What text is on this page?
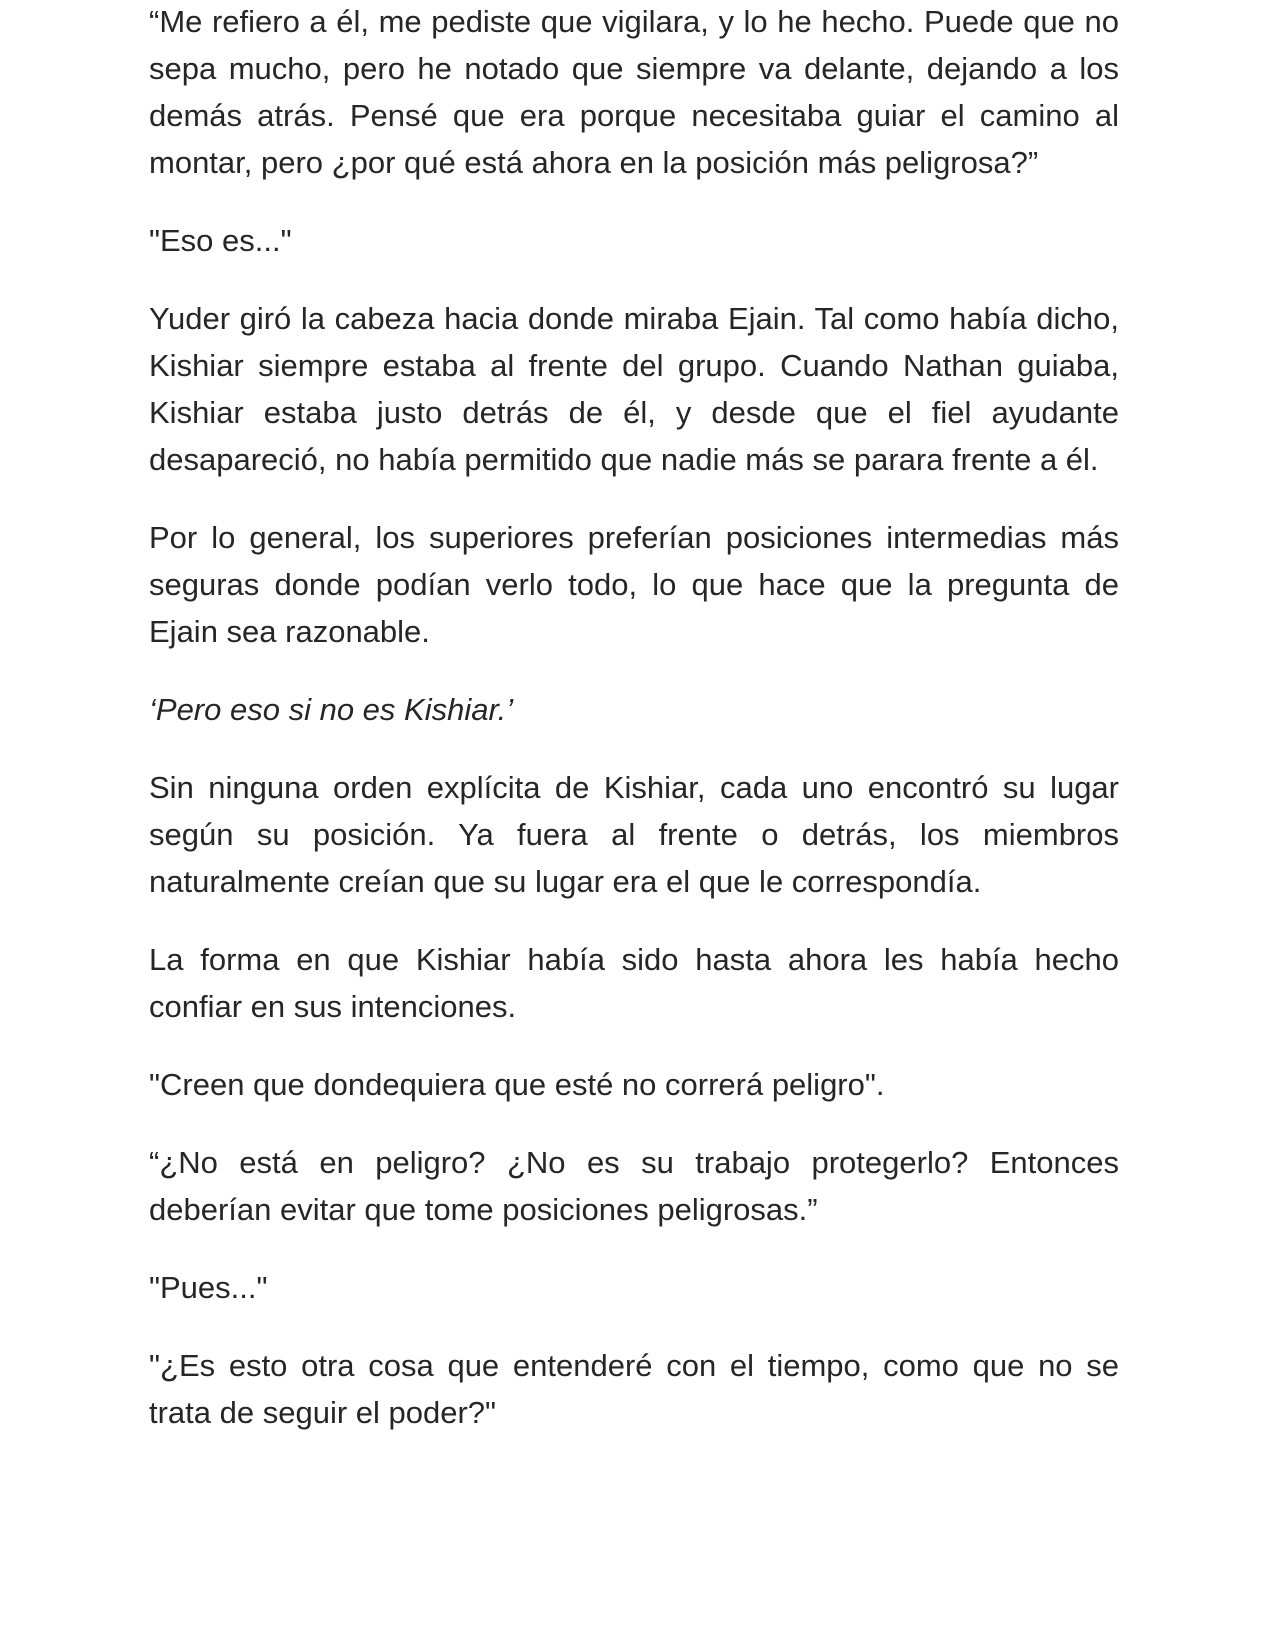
“Me refiero a él, me pediste que vigilara, y lo he hecho. Puede que no sepa mucho, pero he notado que siempre va delante, dejando a los demás atrás. Pensé que era porque necesitaba guiar el camino al montar, pero ¿por qué está ahora en la posición más peligrosa?”

"Eso es..."

Yuder giró la cabeza hacia donde miraba Ejain. Tal como había dicho, Kishiar siempre estaba al frente del grupo. Cuando Nathan guiaba, Kishiar estaba justo detrás de él, y desde que el fiel ayudante desapareció, no había permitido que nadie más se parara frente a él.

Por lo general, los superiores preferían posiciones intermedias más seguras donde podían verlo todo, lo que hace que la pregunta de Ejain sea razonable.

‘Pero eso si no es Kishiar.’

Sin ninguna orden explícita de Kishiar, cada uno encontró su lugar según su posición. Ya fuera al frente o detrás, los miembros naturalmente creían que su lugar era el que le correspondía.

La forma en que Kishiar había sido hasta ahora les había hecho confiar en sus intenciones.

"Creen que dondequiera que esté no correrá peligro".

“¿No está en peligro? ¿No es su trabajo protegerlo? Entonces deberían evitar que tome posiciones peligrosas.”

"Pues..."

"¿Es esto otra cosa que entenderé con el tiempo, como que no se trata de seguir el poder?"
